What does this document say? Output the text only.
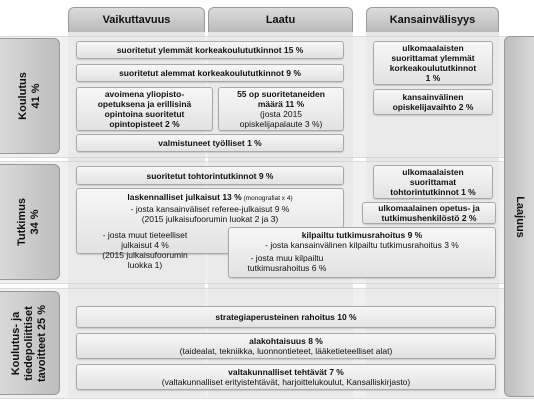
Vaikuttavuus	Laatu	Kansainvälisyys
Koulutus 41 %
Tutkimus 34 %
Koulutus- ja tiedepoliittiset tavoitteet 25 %
Laajuus
suoritetut ylemmät korkeakoulututkinnot 15 %
suoritetut alemmat korkeakoulututkinnot 9 %
avoimena yliopisto-
opetuksena ja erillisinä
opintoina suoritetut
opintopisteet 2 %
55 op suoritetaneiden
määrä 11 %
(josta 2015
opiskelijapalaute 3 %)
valmistuneet työlliset 1 %
ulkomaalaisten
suorittamat ylemmät
korkeakoulututkinnot
1 %
kansainvälinen
opiskelijavaihto 2 %
suoritetut tohtorintutkinnot 9 %
laskennalliset julkaisut 13 % (monografiat x 4)
- josta kansainväliset referee-julkaisut 9 %
(2015 julkaisufoorumin luokat 2 ja 3)
- josta muut tieteelliset
julkaisut 4 %
(2015 julkaisufoorumin
luokka 1)
kilpailtu tutkimusrahoitus 9 %
- josta kansainvälinen kilpailtu tutkimusrahoitus 3 %
- josta muu kilpailtu
tutkimusrahoitus 6 %
ulkomaalaisten
suorittamat
tohtorintutkinnot 1 %
ulkomaalainen opetus- ja
tutkimushenkilöstö 2 %
strategiaperusteinen rahoitus 10 %
alakohtaisuus 8 %
(taidealat, tekniikka, luonnontieteet, lääketieteelliset alat)
valtakunnalliset tehtävät 7 %
(valtakunnalliset erityistehtävät, harjoittelukoulut, Kansalliskirjasto)
